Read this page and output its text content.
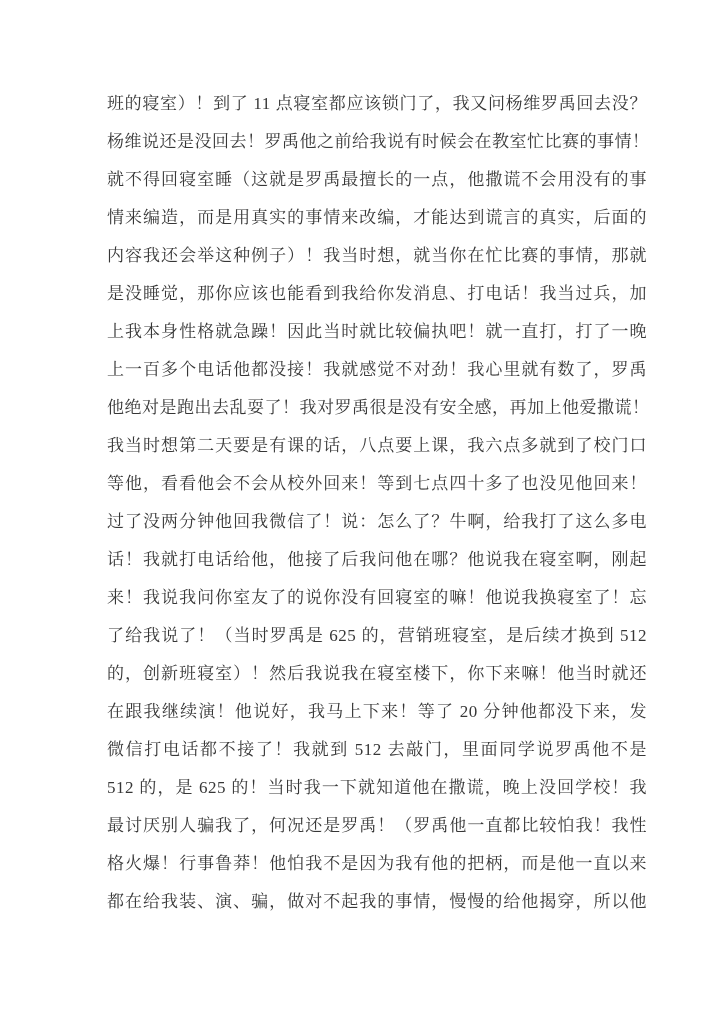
班的寝室）！到了 11 点寝室都应该锁门了，我又问杨维罗禹回去没？
杨维说还是没回去！罗禹他之前给我说有时候会在教室忙比赛的事情！
就不得回寝室睡（这就是罗禹最擅长的一点，他撒谎不会用没有的事
情来编造，而是用真实的事情来改编，才能达到谎言的真实，后面的
内容我还会举这种例子）！我当时想，就当你在忙比赛的事情，那就
是没睡觉，那你应该也能看到我给你发消息、打电话！我当过兵，加
上我本身性格就急躁！因此当时就比较偏执吧！就一直打，打了一晚
上一百多个电话他都没接！我就感觉不对劲！我心里就有数了，罗禹
他绝对是跑出去乱耍了！我对罗禹很是没有安全感，再加上他爱撒谎！
我当时想第二天要是有课的话，八点要上课，我六点多就到了校门口
等他，看看他会不会从校外回来！等到七点四十多了也没见他回来！
过了没两分钟他回我微信了！说：怎么了？牛啊，给我打了这么多电
话！我就打电话给他，他接了后我问他在哪？他说我在寝室啊，刚起
来！我说我问你室友了的说你没有回寝室的嘛！他说我换寝室了！忘
了给我说了！（当时罗禹是 625 的，营销班寝室，是后续才换到 512
的，创新班寝室）！然后我说我在寝室楼下，你下来嘛！他当时就还
在跟我继续演！他说好，我马上下来！等了 20 分钟他都没下来，发
微信打电话都不接了！我就到 512 去敲门，里面同学说罗禹他不是
512 的，是 625 的！当时我一下就知道他在撒谎，晚上没回学校！我
最讨厌别人骗我了，何况还是罗禹！（罗禹他一直都比较怕我！我性
格火爆！行事鲁莽！他怕我不是因为我有他的把柄，而是他一直以来
都在给我装、演、骗，做对不起我的事情，慢慢的给他揭穿，所以他
